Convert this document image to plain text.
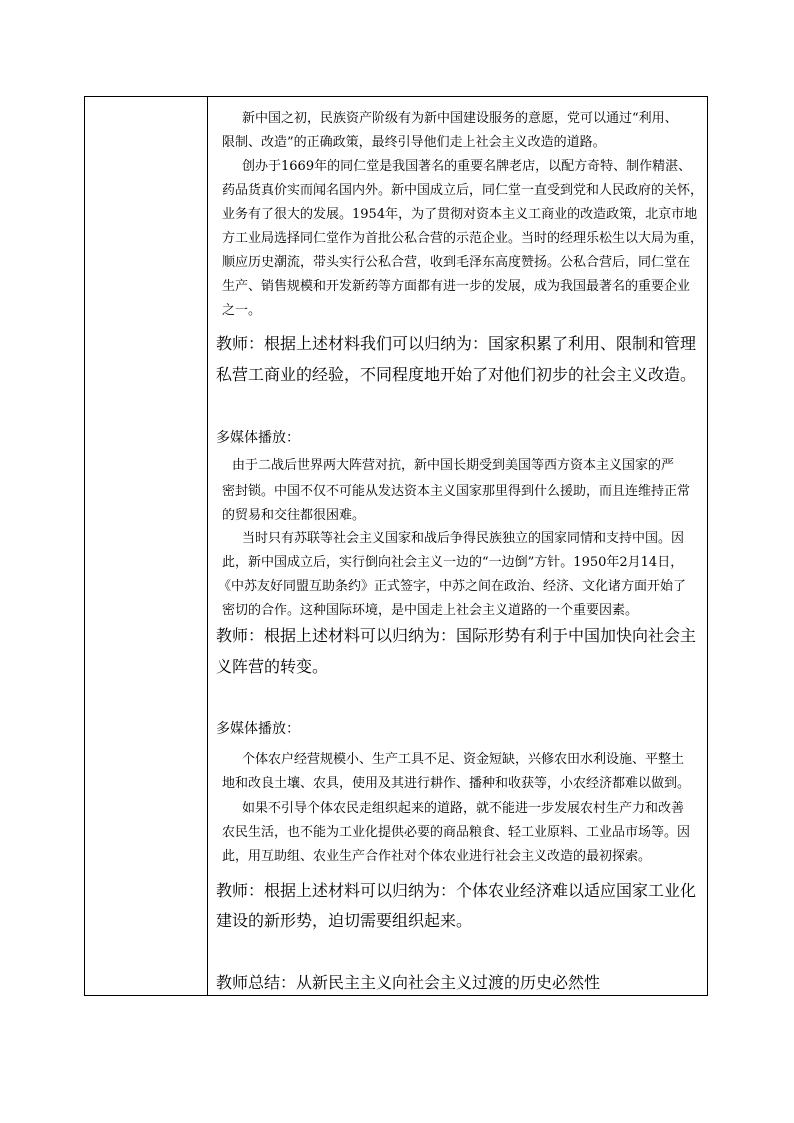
新中国之初，民族资产阶级有为新中国建设服务的意愿，党可以通过“利用、
限制、改造”的正确政策，最终引导他们走上社会主义改造的道路。
创办于1669年的同仁堂是我国著名的重要名牌老店，以配方奇特、制作精湛、
药品货真价实而闻名国内外。新中国成立后，同仁堂一直受到党和人民政府的关怀，
业务有了很大的发展。1954年，为了贯彻对资本主义工商业的改造政策，北京市地
方工业局选择同仁堂作为首批公私合营的示范企业。当时的经理乐松生以大局为重，
顺应历史潮流，带头实行公私合营，收到毛泽东高度赞扬。公私合营后，同仁堂在
生产、销售规模和开发新药等方面都有进一步的发展，成为我国最著名的重要企业
之一。
教师：根据上述材料我们可以归纳为：国家积累了利用、限制和管理
私营工商业的经验，不同程度地开始了对他们初步的社会主义改造。
多媒体播放：
由于二战后世界两大阵营对抗，新中国长期受到美国等西方资本主义国家的严
密封锁。中国不仅不可能从发达资本主义国家那里得到什么援助，而且连维持正常
的贸易和交往都很困难。
当时只有苏联等社会主义国家和战后争得民族独立的国家同情和支持中国。因
此，新中国成立后，实行倒向社会主义一边的“一边倒”方针。1950年2月14日，
《中苏友好同盟互助条约》正式签字，中苏之间在政治、经济、文化诸方面开始了
密切的合作。这种国际环境，是中国走上社会主义道路的一个重要因素。
教师：根据上述材料可以归纳为：国际形势有利于中国加快向社会主
义阵营的转变。
多媒体播放：
个体农户经营规模小、生产工具不足、资金短缺，兴修农田水利设施、平整土
地和改良土壤、农具，使用及其进行耕作、播种和收获等，小农经济都难以做到。
如果不引导个体农民走组织起来的道路，就不能进一步发展农村生产力和改善
农民生活，也不能为工业化提供必要的商品粮食、轻工业原料、工业品市场等。因
此，用互助组、农业生产合作社对个体农业进行社会主义改造的最初探索。
教师：根据上述材料可以归纳为：个体农业经济难以适应国家工业化
建设的新形势，迫切需要组织起来。
教师总结：从新民主主义向社会主义过渡的历史必然性
